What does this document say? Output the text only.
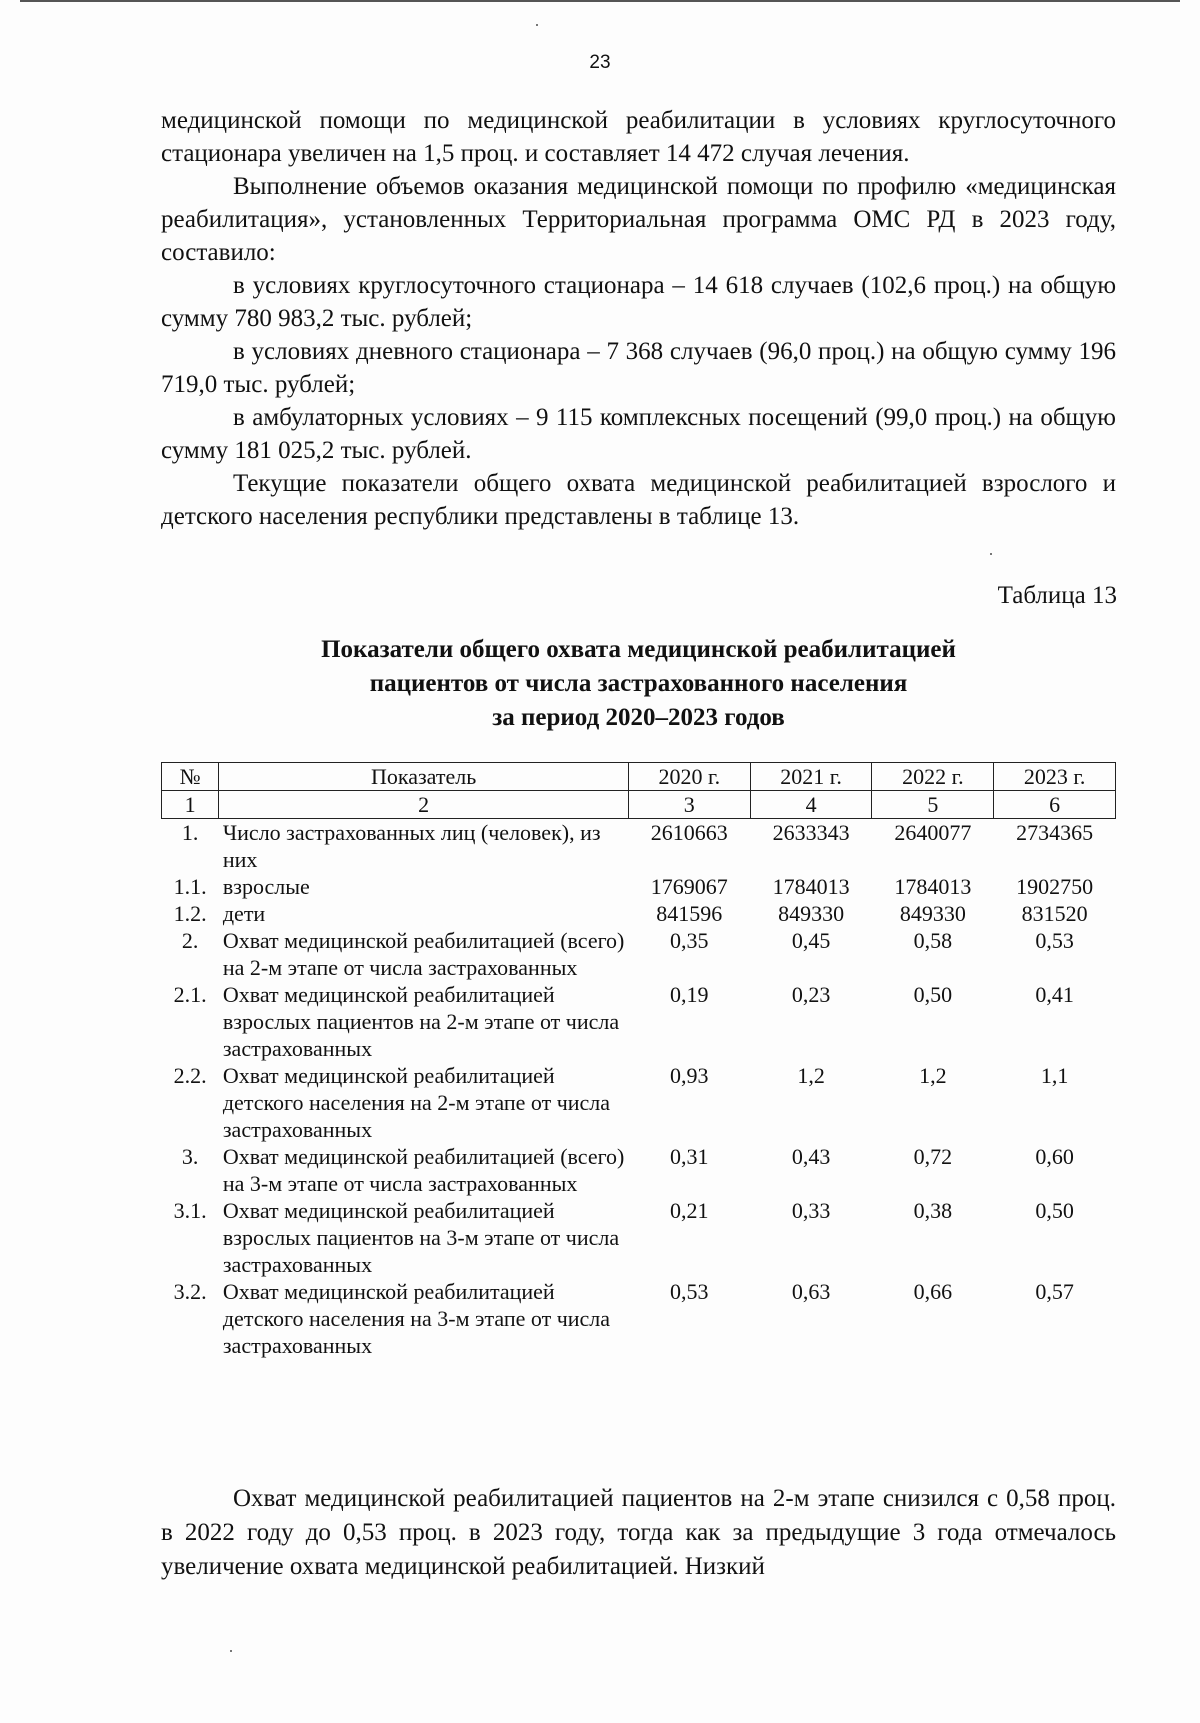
23

медицинской помощи по медицинской реабилитации в условиях круглосуточного стационара увеличен на 1,5 проц. и составляет 14 472 случая лечения.

Выполнение объемов оказания медицинской помощи по профилю «медицинская реабилитация», установленных Территориальная программа ОМС РД в 2023 году, составило:

в условиях круглосуточного стационара – 14 618 случаев (102,6 проц.) на общую сумму 780 983,2 тыс. рублей;

в условиях дневного стационара – 7 368 случаев (96,0 проц.) на общую сумму 196 719,0 тыс. рублей;

в амбулаторных условиях – 9 115 комплексных посещений (99,0 проц.) на общую сумму 181 025,2 тыс. рублей.

Текущие показатели общего охвата медицинской реабилитацией взрослого и детского населения республики представлены в таблице 13.

Таблица 13
Показатели общего охвата медицинской реабилитацией
пациентов от числа застрахованного населения
за период 2020–2023 годов
№	Показатель	2020 г.	2021 г.	2022 г.	2023 г.
1	2	3	4	5	6
1.	Число застрахованных лиц (человек), из них	2610663	2633343	2640077	2734365
1.1.	взрослые	1769067	1784013	1784013	1902750
1.2.	дети	841596	849330	849330	831520
2.	Охват медицинской реабилитацией (всего) на 2-м этапе от числа застрахованных	0,35	0,45	0,58	0,53
2.1.	Охват медицинской реабилитацией взрослых пациентов на 2-м этапе от числа застрахованных	0,19	0,23	0,50	0,41
2.2.	Охват медицинской реабилитацией детского населения на 2-м этапе от числа застрахованных	0,93	1,2	1,2	1,1
3.	Охват медицинской реабилитацией (всего) на 3-м этапе от числа застрахованных	0,31	0,43	0,72	0,60
3.1.	Охват медицинской реабилитацией взрослых пациентов на 3-м этапе от числа застрахованных	0,21	0,33	0,38	0,50
3.2.	Охват медицинской реабилитацией детского населения на 3-м этапе от числа застрахованных	0,53	0,63	0,66	0,57

Охват медицинской реабилитацией пациентов на 2-м этапе снизился с 0,58 проц. в 2022 году до 0,53 проц. в 2023 году, тогда как за предыдущие 3 года отмечалось увеличение охвата медицинской реабилитацией. Низкий
